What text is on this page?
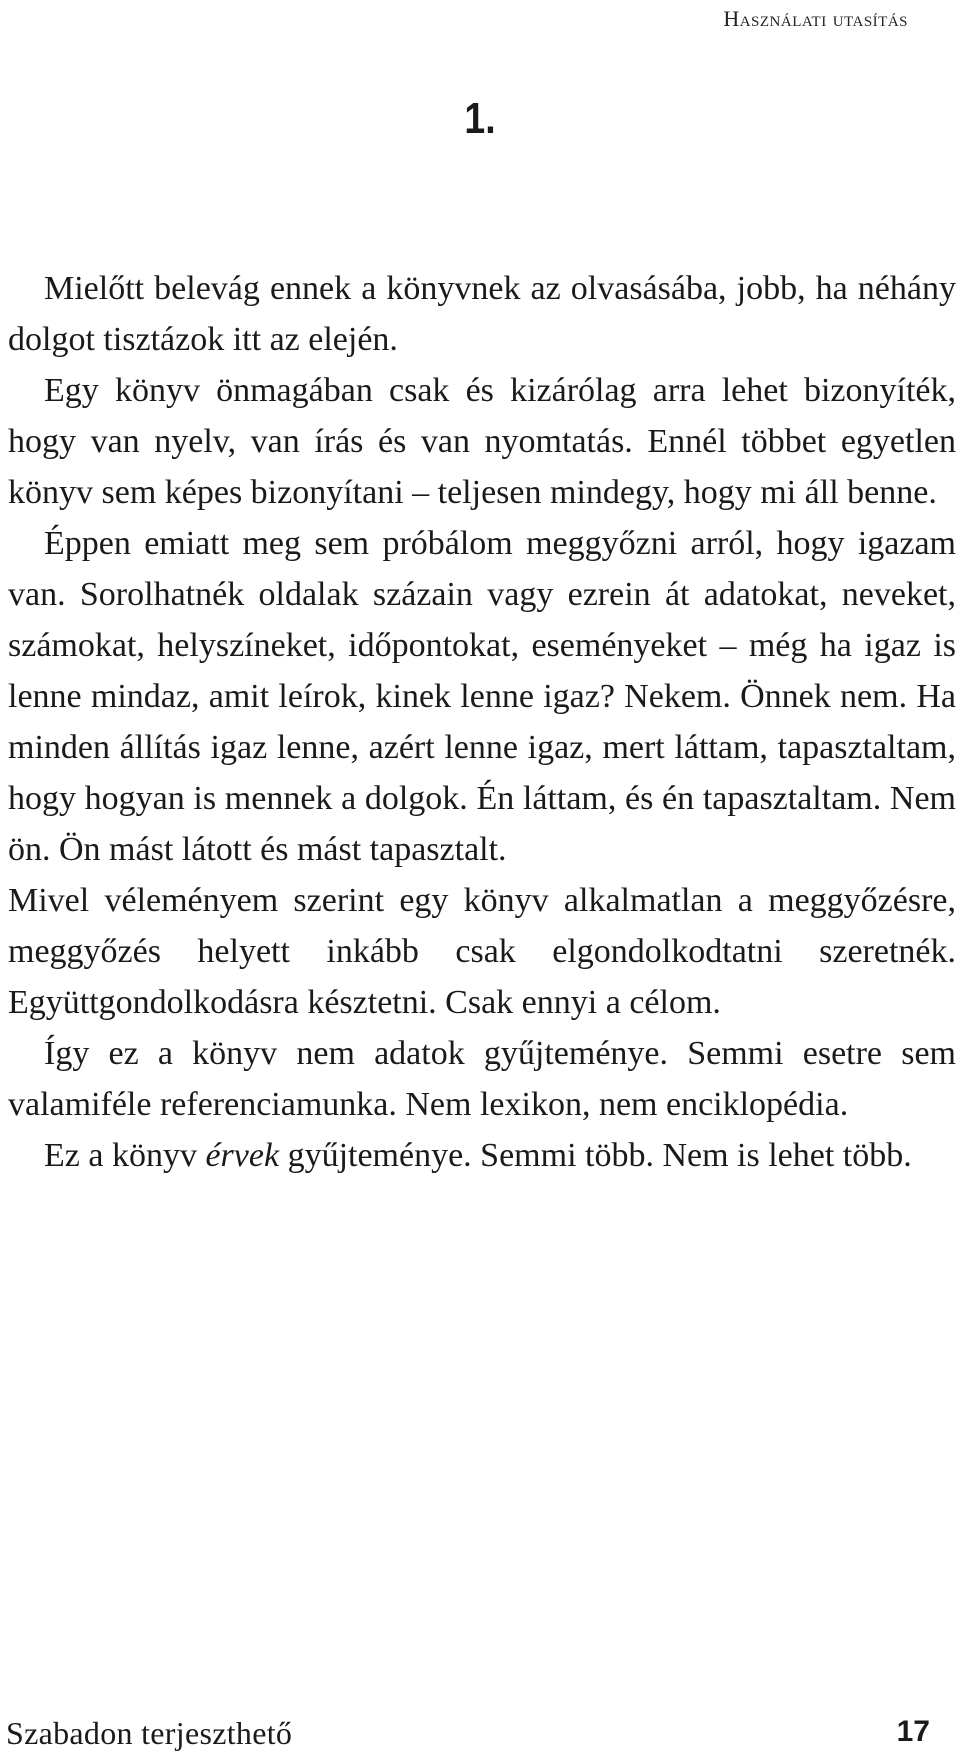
Használati utasítás
1.

Mielőtt belevág ennek a könyvnek az olvasásába, jobb, ha néhány dolgot tisztázok itt az elején.

Egy könyv önmagában csak és kizárólag arra lehet bizonyíték, hogy van nyelv, van írás és van nyomtatás. Ennél többet egyetlen könyv sem képes bizonyítani – teljesen mindegy, hogy mi áll benne.

Éppen emiatt meg sem próbálom meggyőzni arról, hogy igazam van. Sorolhatnék oldalak százain vagy ezrein át adatokat, neveket, számokat, helyszíneket, időpontokat, eseményeket – még ha igaz is lenne mindaz, amit leírok, kinek lenne igaz? Nekem. Önnek nem. Ha minden állítás igaz lenne, azért lenne igaz, mert láttam, tapasztaltam, hogy hogyan is mennek a dolgok. Én láttam, és én tapasztaltam. Nem ön. Ön mást látott és mást tapasztalt.

Mivel véleményem szerint egy könyv alkalmatlan a meggyőzésre, meggyőzés helyett inkább csak elgondolkodtatni szeretnék. Együttgondolkodásra késztetni. Csak ennyi a célom.

Így ez a könyv nem adatok gyűjteménye. Semmi esetre sem valamiféle referenciamunka. Nem lexikon, nem enciklopédia.

Ez a könyv érvek gyűjteménye. Semmi több. Nem is lehet több.

Szabadon terjeszthető	17
